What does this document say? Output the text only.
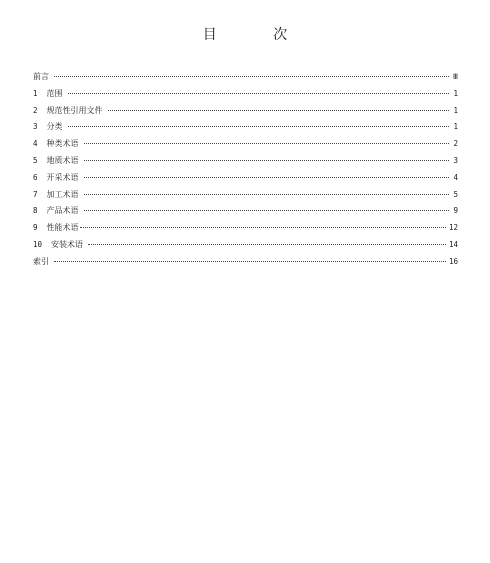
目 次
前言	Ⅲ
1 范围	1
2 规范性引用文件	1
3 分类	1
4 种类术语	2
5 地质术语	3
6 开采术语	4
7 加工术语	5
8 产品术语	9
9 性能术语	12
10 安装术语	14
索引	16
